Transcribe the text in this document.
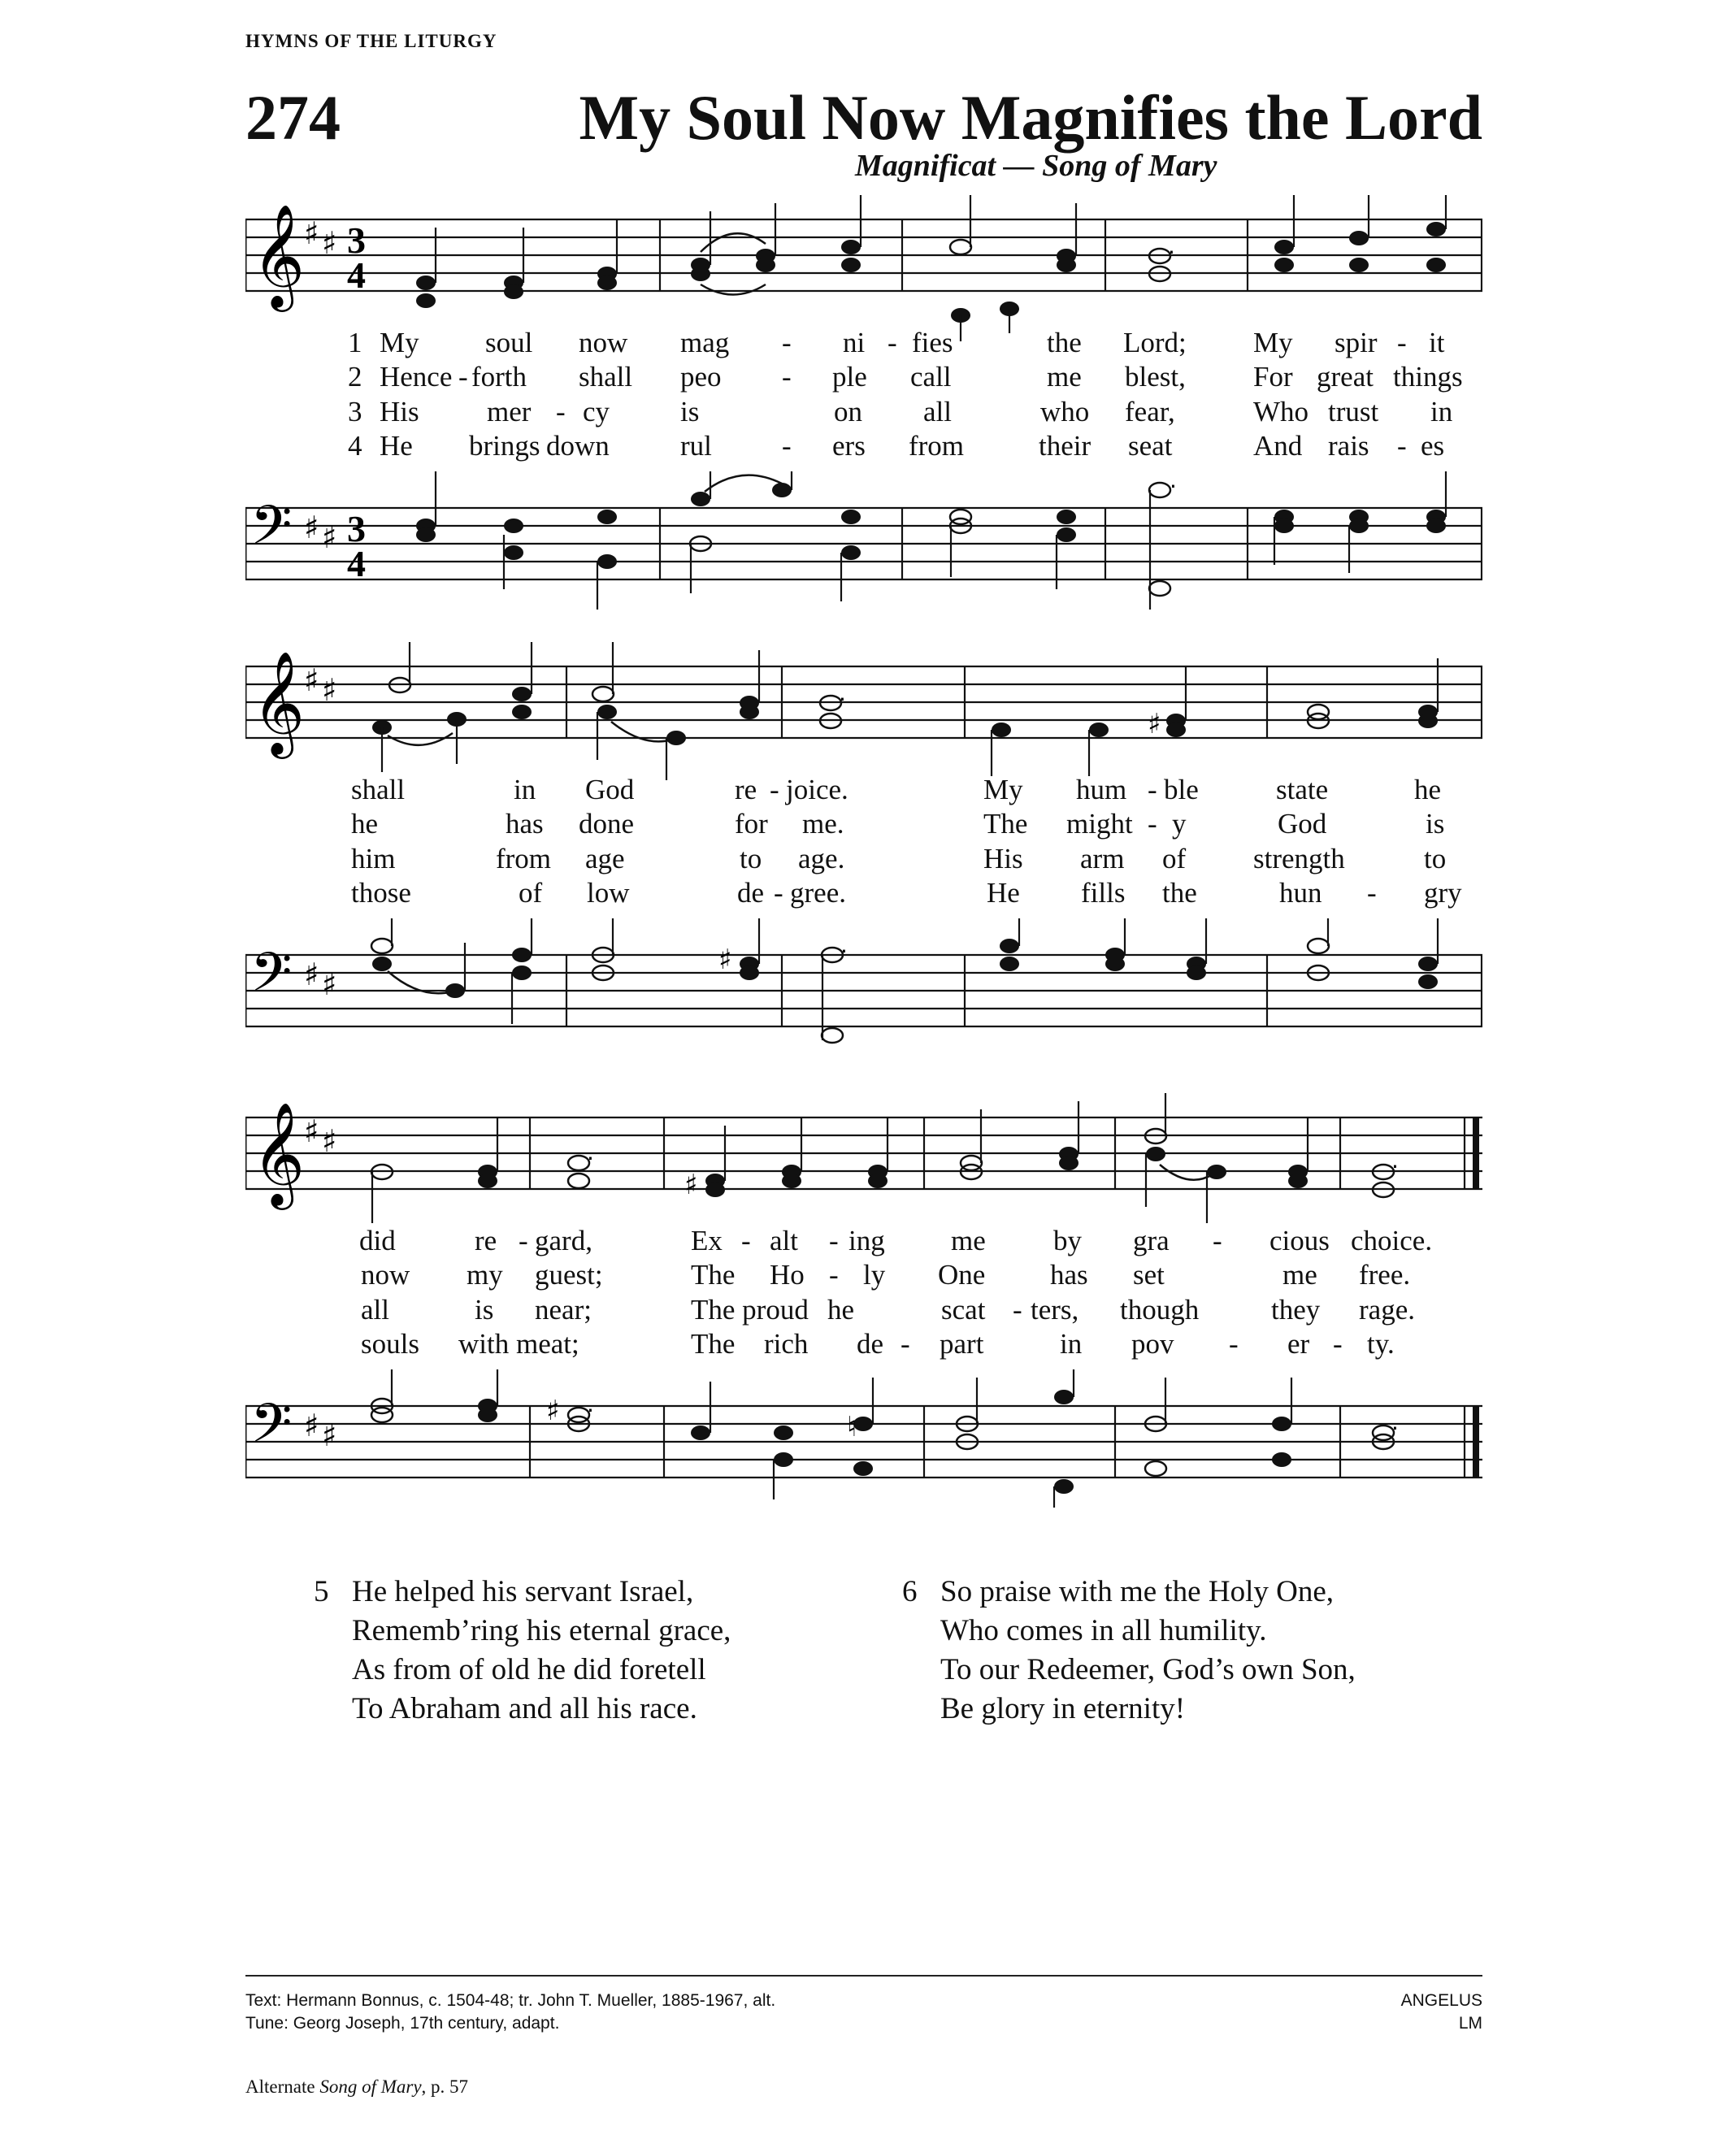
HYMNS OF THE LITURGY
274	My Soul Now Magnifies the Lord
Magnificat — Song of Mary
𝄞
♯ ♯ 3
4
·
1 My soul now mag - ni - fies	the Lord; My spir - it
2 Hence - forth shall peo - ple call	me blest, For great things
3 His mer - cy is	on all	who fear,	Who trust in
4 He brings down rul - ers from	their seat	And rais - es
𝄢 ♯ ♯ 3
4
·
𝄞
♯ ♯	·
♯
shall	in God	re - joice.	My hum - ble	state	he
he	has done	for me.	The might - y	God	is
him	from age	to age.	His arm of strength	to
those	of low	de - gree.	He fills the	hun - gry
𝄢 ♯ ♯
·
♯
𝄞
♯ ♯	·	·
♯
did	re - gard,	Ex - alt - ing me by gra - cious choice.
now my guest;	The Ho - ly One has set	me free.
all	is near;	The proud he	scat - ters, though	they rage.
souls with meat;	The rich de - part	in pov - er - ty.
𝄢 ♯ ♯
·
·
♯	♮
5 He helped his servant Israel,
Rememb’ring his eternal grace,
As from of old he did foretell
To Abraham and all his race.
6 So praise with me the Holy One,
Who comes in all humility.
To our Redeemer, God’s own Son,
Be glory in eternity!
Text: Hermann Bonnus, c. 1504-48; tr. John T. Mueller, 1885-1967, alt.
Tune: Georg Joseph, 17th century, adapt.
ANGELUS
LM
Alternate Song of Mary, p. 57
